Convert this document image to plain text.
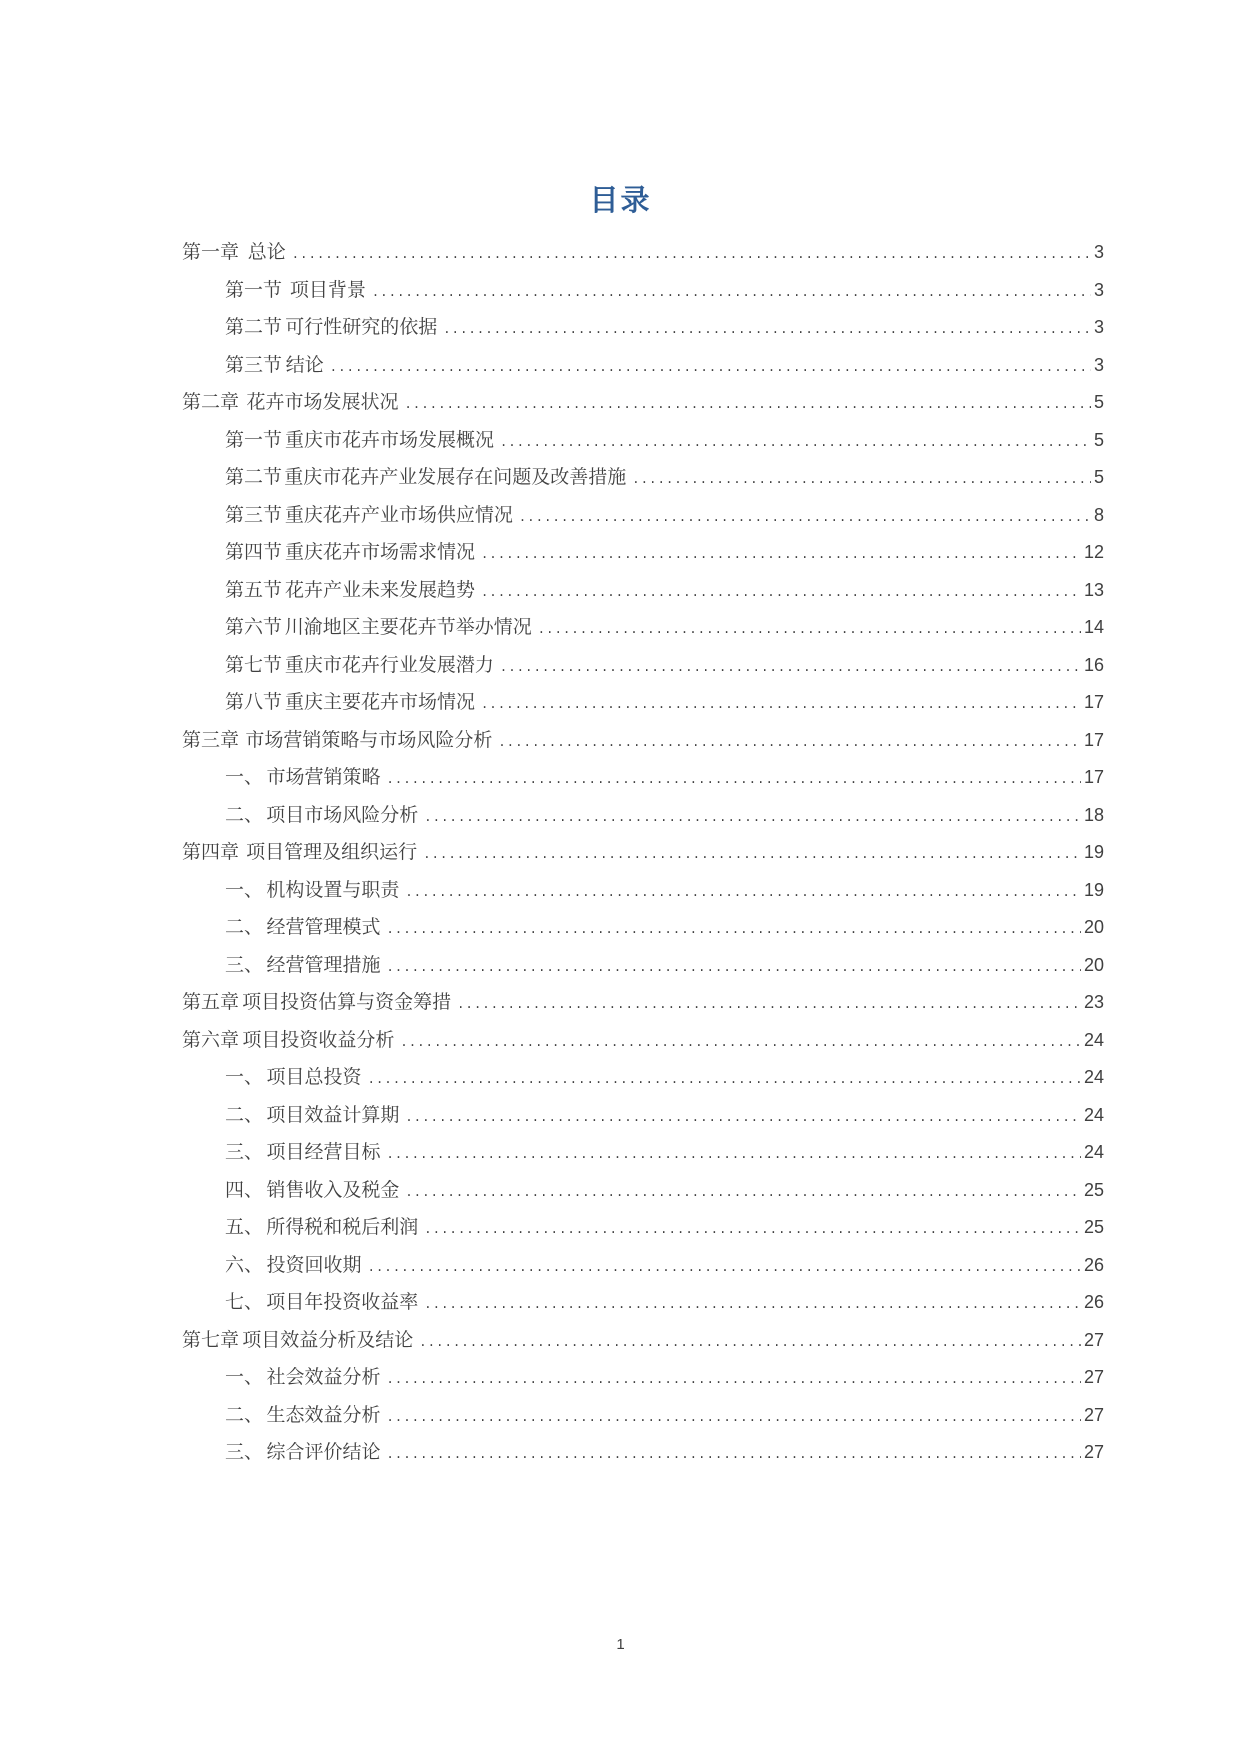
目录
第一章 总论 .....	3
第一节 项目背景 .....	3
第二节 可行性研究的依据 .....	3
第三节 结论 .....	3
第二章 花卉市场发展状况 .....	5
第一节 重庆市花卉市场发展概况 .....	5
第二节 重庆市花卉产业发展存在问题及改善措施 .....	5
第三节 重庆花卉产业市场供应情况 .....	8
第四节 重庆花卉市场需求情况 .....	12
第五节 花卉产业未来发展趋势 .....	13
第六节 川渝地区主要花卉节举办情况 .....	14
第七节 重庆市花卉行业发展潜力 .....	16
第八节 重庆主要花卉市场情况 .....	17
第三章 市场营销策略与市场风险分析 .....	17
一、 市场营销策略 .....	17
二、 项目市场风险分析 .....	18
第四章 项目管理及组织运行 .....	19
一、 机构设置与职责 .....	19
二、 经营管理模式 .....	20
三、 经营管理措施 .....	20
第五章 项目投资估算与资金筹措 .....	23
第六章 项目投资收益分析 .....	24
一、 项目总投资 .....	24
二、 项目效益计算期 .....	24
三、 项目经营目标 .....	24
四、 销售收入及税金 .....	25
五、 所得税和税后利润 .....	25
六、 投资回收期 .....	26
七、 项目年投资收益率 .....	26
第七章 项目效益分析及结论 .....	27
一、 社会效益分析 .....	27
二、 生态效益分析 .....	27
三、 综合评价结论 .....	27
1
